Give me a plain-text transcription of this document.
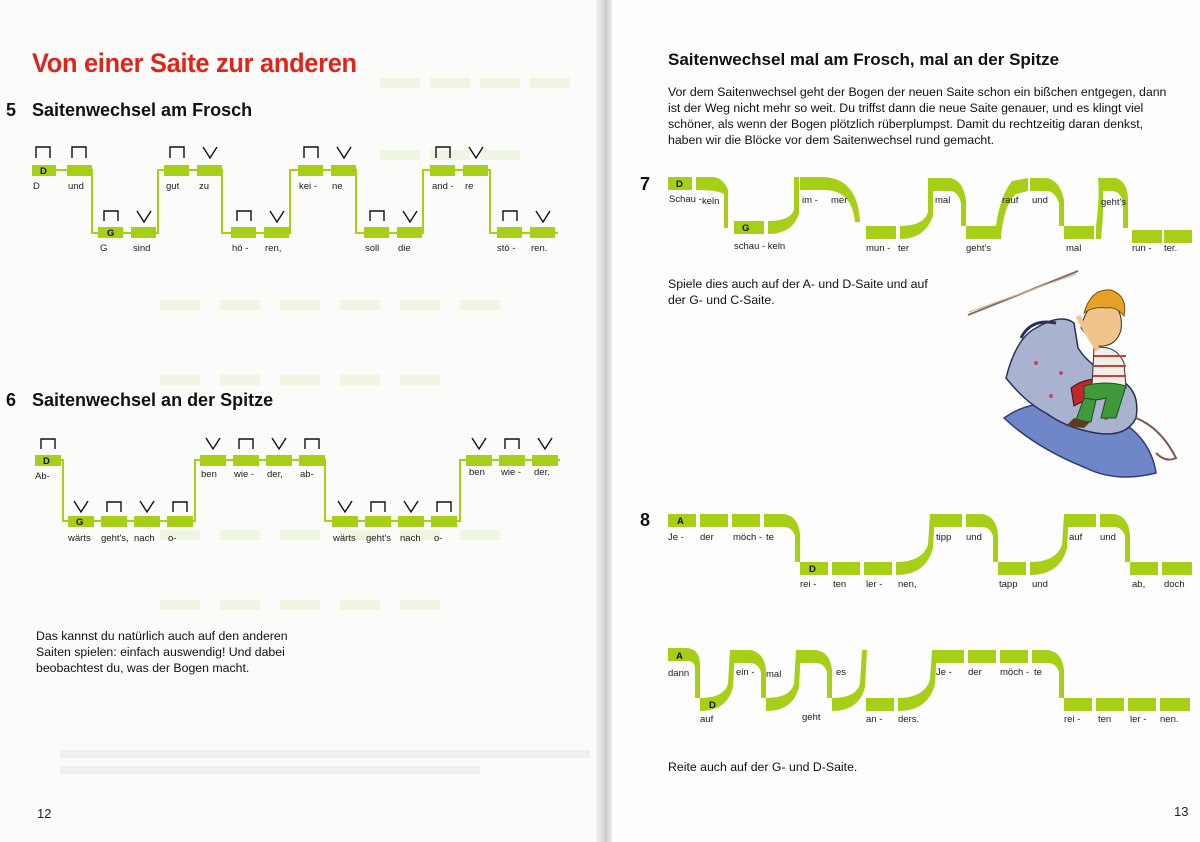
Von einer Saite zur anderen
5 Saitenwechsel am Frosch
D
G
D	und
G	sind
gut zu
hö - ren,
kei - ne
soll die
and - re
stö - ren.
6 Saitenwechsel an der Spitze
D
G
Ab-
wärts geht's, nach o-
ben wie - der, ab-
wärts geht's nach o-
ben wie - der.

Das kannst du natürlich auch auf den anderen Saiten spielen: einfach auswendig! Und dabei beobachtest du, was der Bogen macht.

12
Saitenwechsel mal am Frosch, mal an der Spitze

Vor dem Saitenwechsel geht der Bogen der neuen Saite schon ein bißchen entgegen, dann ist der Weg nicht mehr so weit. Du triffst dann die neue Saite genauer, und es klingt viel schöner, als wenn der Bogen plötzlich rüberplumpst. Damit du rechtzeitig daran denkst, haben wir die Blöcke vor dem Saitenwechsel rund gemacht.

7	D
G
Schau - keln
schau - keln
im - mer
mun - ter
mal
geht's
rauf und
mal
geht's
run - ter.

Spiele dies auch auf der A- und D-Saite und auf der G- und C-Saite.

8	A
D
Je - der möch - te
rei - ten ler - nen,
tipp und
tapp und
auf und
ab, doch
A
D
dann
auf
ein - mal
geht
es
an - ders.
Je - der möch - te
rei - ten ler - nen.

Reite auch auf der G- und D-Saite.

13
